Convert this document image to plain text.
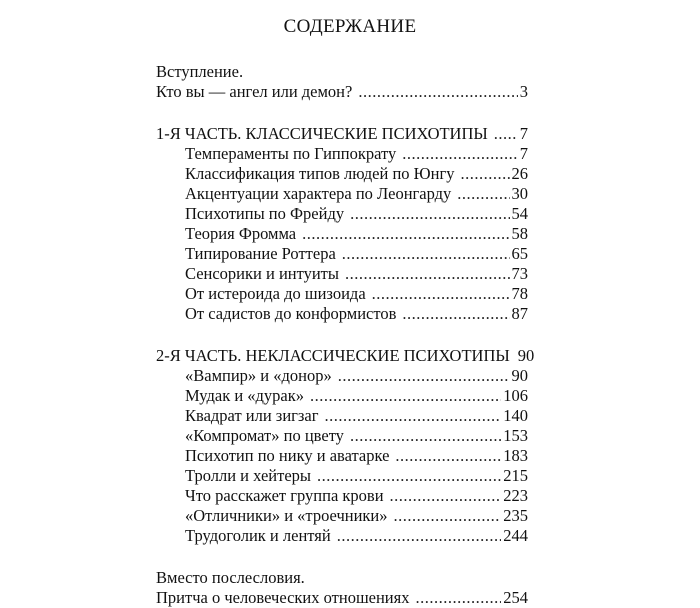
СОДЕРЖАНИЕ
Вступление.
Кто вы — ангел или демон? .....	3
1-Я ЧАСТЬ. КЛАССИЧЕСКИЕ ПСИХОТИПЫ ..... 7
Темпераменты по Гиппократу .....	7
Классификация типов людей по Юнгу .....	26
Акцентуации характера по Леонгарду .....	30
Психотипы по Фрейду .....	54
Теория Фромма .....	58
Типирование Роттера .....	65
Сенсорики и интуиты .....	73
От истероида до шизоида .....	78
От садистов до конформистов .....	87
2-Я ЧАСТЬ. НЕКЛАССИЧЕСКИЕ ПСИХОТИПЫ 90
«Вампир» и «донор» .....	90
Мудак и «дурак» .....	106
Квадрат или зигзаг .....	140
«Компромат» по цвету .....	153
Психотип по нику и аватарке .....	183
Тролли и хейтеры .....	215
Что расскажет группа крови .....	223
«Отличники» и «троечники» .....	235
Трудоголик и лентяй .....	244
Вместо послесловия.
Притча о человеческих отношениях .....	254
